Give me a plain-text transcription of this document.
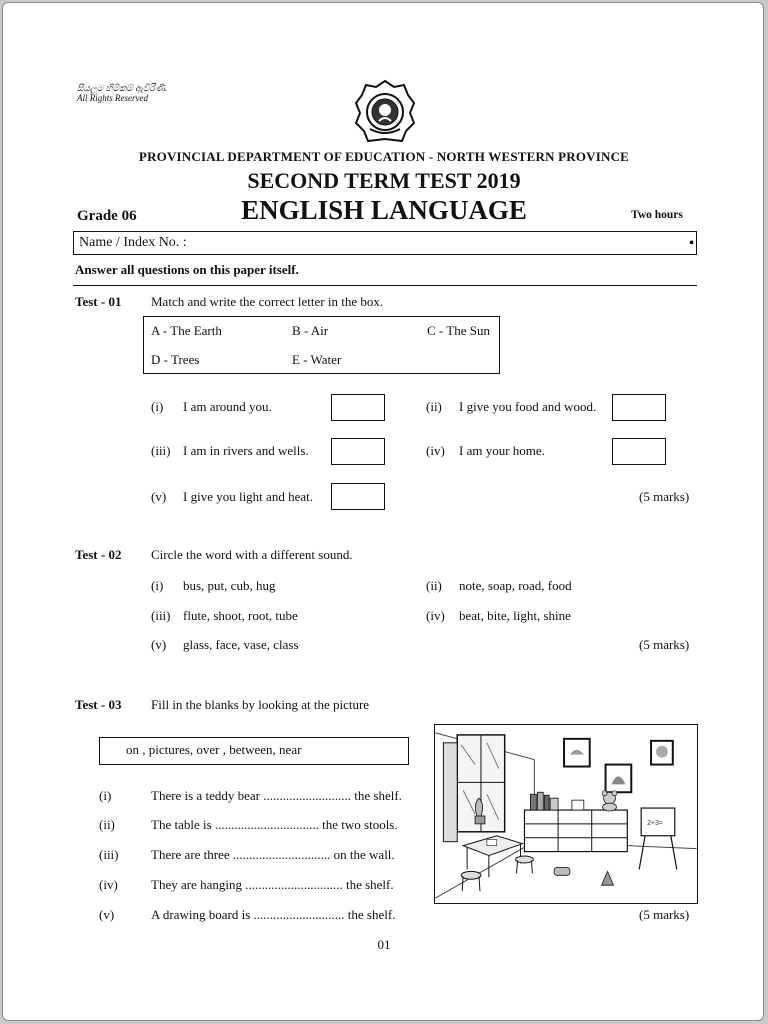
සියලුම හිමිකම් ඇවිරිණි.
All Rights Reserved
PROVINCIAL DEPARTMENT OF EDUCATION - NORTH WESTERN PROVINCE
SECOND TERM TEST 2019
Grade 06	ENGLISH LANGUAGE	Two hours
Name / Index No. :	•
Answer all questions on this paper itself.
Test - 01 Match and write the correct letter in the box.
A - The Earth	B - Air	C - The Sun
D - Trees	E - Water
(i) I am around you.	(ii) I give you food and wood.
(iii) I am in rivers and wells.	(iv) I am your home.
(v) I give you light and heat.	(5 marks)
Test - 02 Circle the word with a different sound.
(i) bus, put, cub, hug	(ii) note, soap, road, food
(iii) flute, shoot, root, tube	(iv) beat, bite, light, shine
(v) glass, face, vase, class	(5 marks)
Test - 03 Fill in the blanks by looking at the picture
on , pictures, over , between, near
2+3=
(i)	There is a teddy bear ........................... the shelf.
(ii)	The table is ................................ the two stools.
(iii)	There are three .............................. on the wall.
(iv)	They are hanging .............................. the shelf.
(v)	A drawing board is ............................ the shelf.	(5 marks)
01
